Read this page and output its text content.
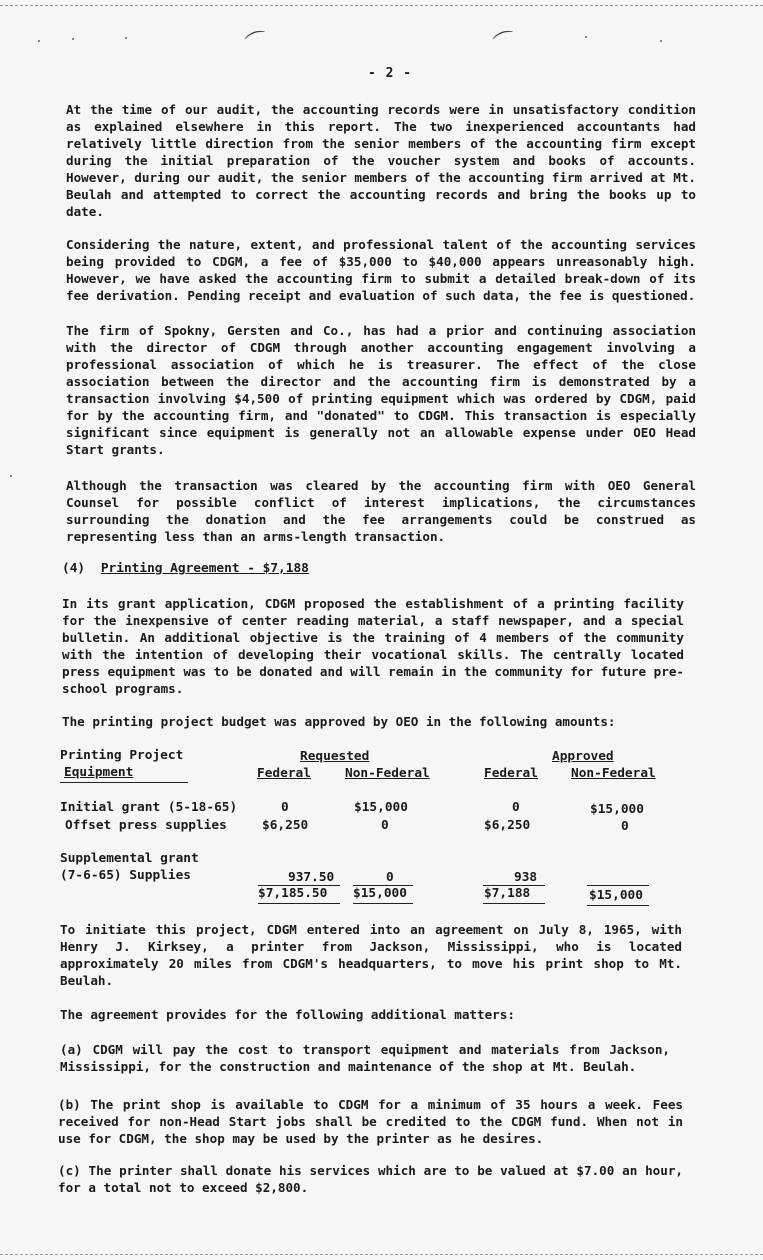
⌒	⌒
- 2 -

At the time of our audit, the accounting records were in unsatisfactory condition as explained elsewhere in this report. The two inexperienced accountants had relatively little direction from the senior members of the accounting firm except during the initial preparation of the voucher system and books of accounts. However, during our audit, the senior members of the accounting firm arrived at Mt. Beulah and attempted to correct the accounting records and bring the books up to date.

Considering the nature, extent, and professional talent of the accounting services being provided to CDGM, a fee of $35,000 to $40,000 appears unreasonably high. However, we have asked the accounting firm to submit a detailed break-down of its fee derivation. Pending receipt and evaluation of such data, the fee is questioned.

The firm of Spokny, Gersten and Co., has had a prior and continuing association with the director of CDGM through another accounting engagement involving a professional association of which he is treasurer. The effect of the close association between the director and the accounting firm is demonstrated by a transaction involving $4,500 of printing equipment which was ordered by CDGM, paid for by the accounting firm, and "donated" to CDGM. This transaction is especially significant since equipment is generally not an allowable expense under OEO Head Start grants.

Although the transaction was cleared by the accounting firm with OEO General Counsel for possible conflict of interest implications, the circumstances surrounding the donation and the fee arrangements could be construed as representing less than an arms-length transaction.

(4) Printing Agreement - $7,188

In its grant application, CDGM proposed the establishment of a printing facility for the inexpensive of center reading material, a staff newspaper, and a special bulletin. An additional objective is the training of 4 members of the community with the intention of developing their vocational skills. The centrally located press equipment was to be donated and will remain in the community for future pre-school programs.

The printing project budget was approved by OEO in the following amounts:

Printing Project
Equipment
Requested	Approved
Federal	Non-Federal	Federal	Non-Federal
Initial grant (5-18-65)	0	$15,000	0	$15,000
Offset press supplies	$6,250	0	$6,250	0
Supplemental grant
(7-6-65) Supplies	937.50	0	938
$7,185.50 $15,000	$7,188	$15,000

To initiate this project, CDGM entered into an agreement on July 8, 1965, with Henry J. Kirksey, a printer from Jackson, Mississippi, who is located approximately 20 miles from CDGM's headquarters, to move his print shop to Mt. Beulah.

The agreement provides for the following additional matters:

(a) CDGM will pay the cost to transport equipment and materials from Jackson, Mississippi, for the construction and maintenance of the shop at Mt. Beulah.

(b) The print shop is available to CDGM for a minimum of 35 hours a week. Fees received for non-Head Start jobs shall be credited to the CDGM fund. When not in use for CDGM, the shop may be used by the printer as he desires.

(c) The printer shall donate his services which are to be valued at $7.00 an hour, for a total not to exceed $2,800.
